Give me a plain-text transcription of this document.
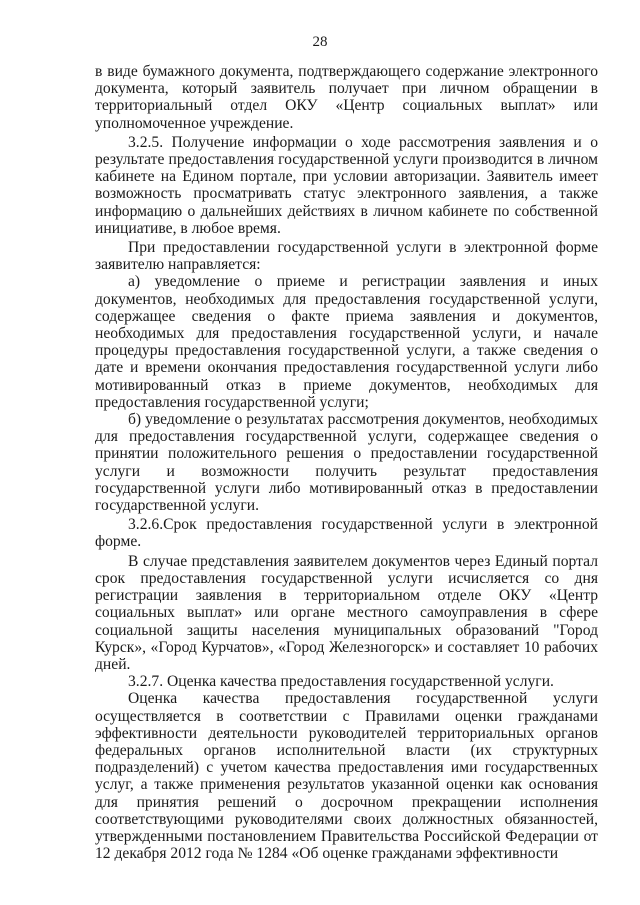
28

в виде бумажного документа, подтверждающего содержание электронного документа, который заявитель получает при личном обращении в территориальный отдел ОКУ «Центр социальных выплат» или уполномоченное учреждение.

3.2.5. Получение информации о ходе рассмотрения заявления и о результате предоставления государственной услуги производится в личном кабинете на Едином портале, при условии авторизации. Заявитель имеет возможность просматривать статус электронного заявления, а также информацию о дальнейших действиях в личном кабинете по собственной инициативе, в любое время.

При предоставлении государственной услуги в электронной форме заявителю направляется:

а) уведомление о приеме и регистрации заявления и иных документов, необходимых для предоставления государственной услуги, содержащее сведения о факте приема заявления и документов, необходимых для предоставления государственной услуги, и начале процедуры предоставления государственной услуги, а также сведения о дате и времени окончания предоставления государственной услуги либо мотивированный отказ в приеме документов, необходимых для предоставления государственной услуги;

б) уведомление о результатах рассмотрения документов, необходимых для предоставления государственной услуги, содержащее сведения о принятии положительного решения о предоставлении государственной услуги и возможности получить результат предоставления государственной услуги либо мотивированный отказ в предоставлении государственной услуги.

3.2.6.Срок предоставления государственной услуги в электронной форме.

В случае представления заявителем документов через Единый портал срок предоставления государственной услуги исчисляется со дня регистрации заявления в территориальном отделе ОКУ «Центр социальных выплат» или органе местного самоуправления в сфере социальной защиты населения муниципальных образований "Город Курск», «Город Курчатов», «Город Железногорск» и составляет 10 рабочих дней.

3.2.7. Оценка качества предоставления государственной услуги.

Оценка качества предоставления государственной услуги осуществляется в соответствии с Правилами оценки гражданами эффективности деятельности руководителей территориальных органов федеральных органов исполнительной власти (их структурных подразделений) с учетом качества предоставления ими государственных услуг, а также применения результатов указанной оценки как основания для принятия решений о досрочном прекращении исполнения соответствующими руководителями своих должностных обязанностей, утвержденными постановлением Правительства Российской Федерации от 12 декабря 2012 года № 1284 «Об оценке гражданами эффективности
